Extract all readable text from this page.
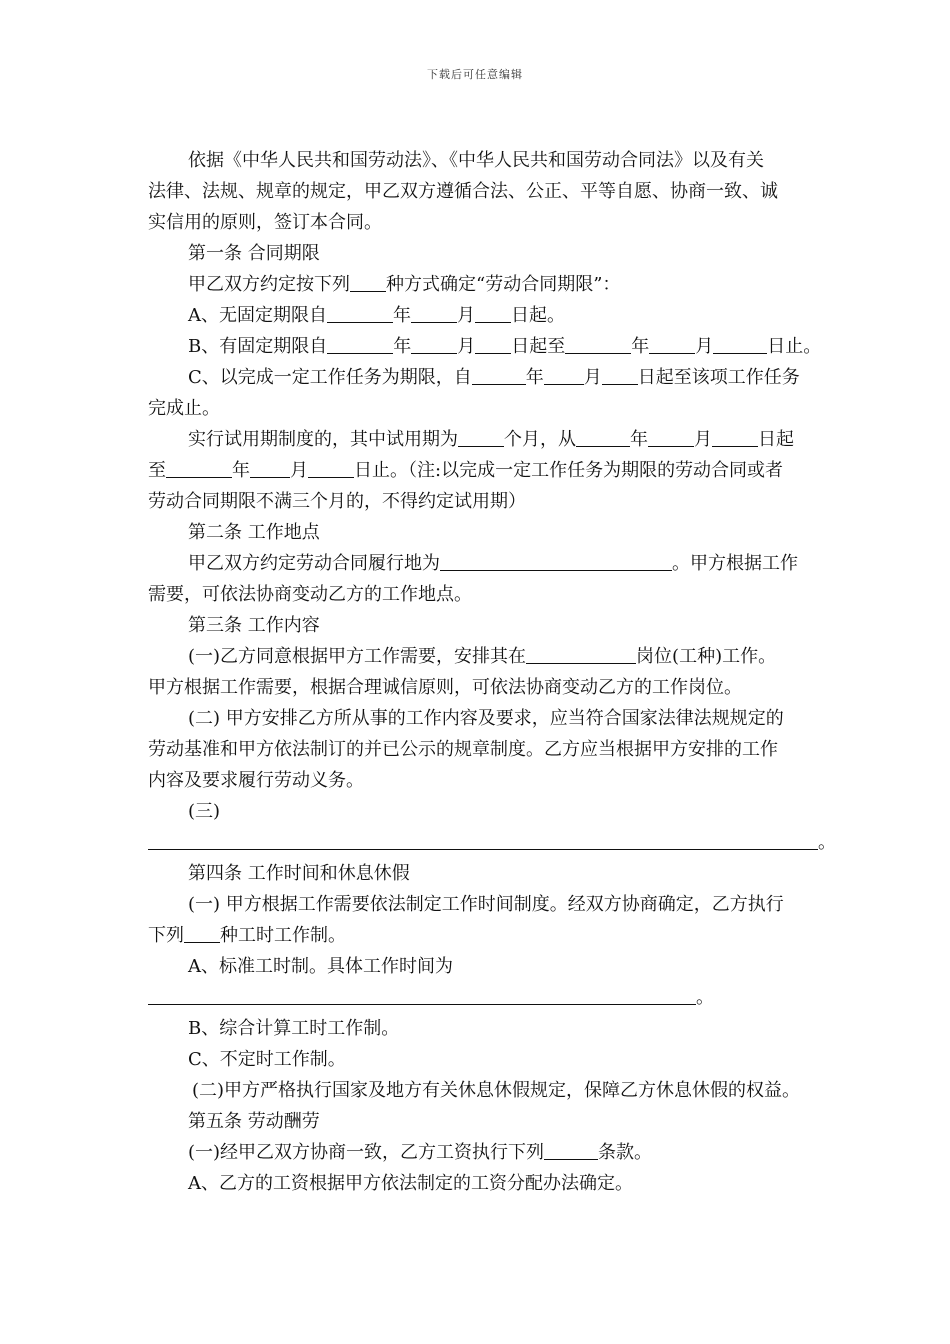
下载后可任意编辑
依据《中华人民共和国劳动法》、《中华人民共和国劳动合同法》以及有关
法律、法规、规章的规定，甲乙双方遵循合法、公正、平等自愿、协商一致、诚
实信用的原则，签订本合同。
第一条 合同期限
甲乙双方约定按下列 种方式确定“劳动合同期限”：
A、无固定期限自	年	月 日起。
B、有固定期限自	年	月 日起至	年	月	日止。
C、以完成一定工作任务为期限，自	年 月 日起至该项工作任务
完成止。
实行试用期制度的，其中试用期为	个月，从	年	月	日起
至	年 月	日止。（注:以完成一定工作任务为期限的劳动合同或者
劳动合同期限不满三个月的，不得约定试用期）
第二条 工作地点
甲乙双方约定劳动合同履行地为	。甲方根据工作
需要，可依法协商变动乙方的工作地点。
第三条 工作内容
(一)乙方同意根据甲方工作需要，安排其在	岗位(工种)工作。
甲方根据工作需要，根据合理诚信原则，可依法协商变动乙方的工作岗位。
(二) 甲方安排乙方所从事的工作内容及要求，应当符合国家法律法规规定的
劳动基准和甲方依法制订的并已公示的规章制度。乙方应当根据甲方安排的工作
内容及要求履行劳动义务。
(三)
。
第四条 工作时间和休息休假
(一) 甲方根据工作需要依法制定工作时间制度。经双方协商确定，乙方执行
下列 种工时工作制。
A、标准工时制。具体工作时间为
。
B、综合计算工时工作制。
C、不定时工作制。
(二)甲方严格执行国家及地方有关休息休假规定，保障乙方休息休假的权益。
第五条 劳动酬劳
(一)经甲乙双方协商一致，乙方工资执行下列	条款。
A、乙方的工资根据甲方依法制定的工资分配办法确定。
